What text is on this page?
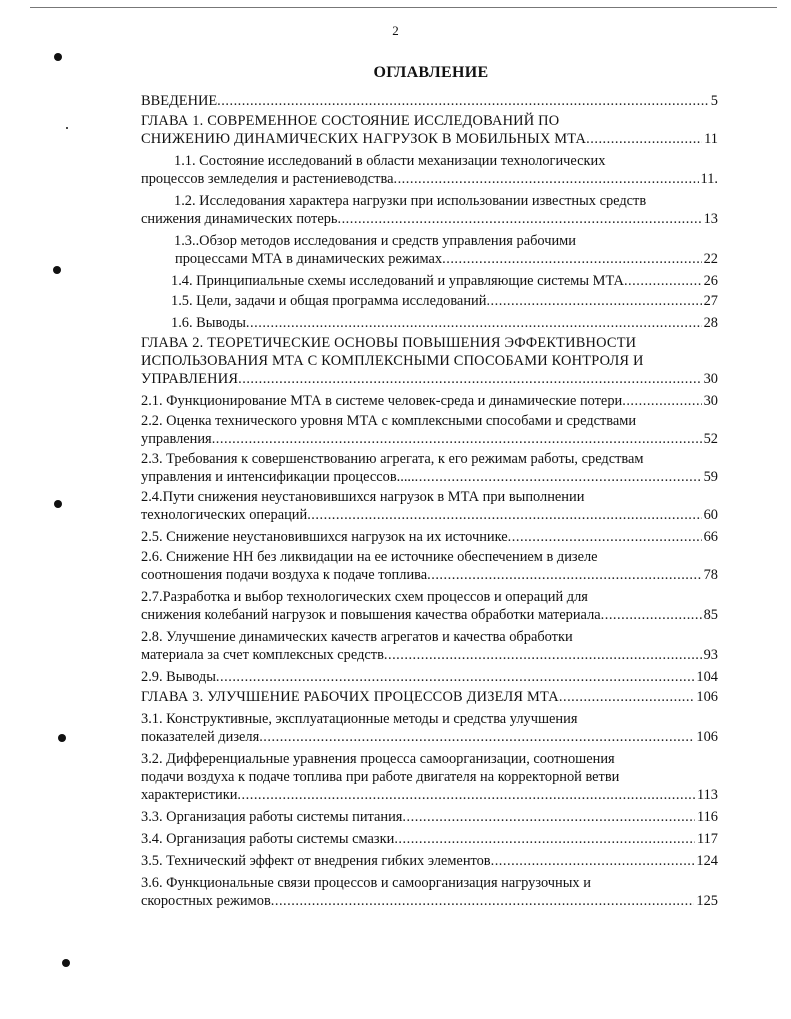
2
ОГЛАВЛЕНИЕ
ВВЕДЕНИЕ .....	5
ГЛАВА 1. СОВРЕМЕННОЕ СОСТОЯНИЕ ИССЛЕДОВАНИЙ ПО
СНИЖЕНИЮ ДИНАМИЧЕСКИХ НАГРУЗОК В МОБИЛЬНЫХ МТА .....	11
1.1. Состояние исследований в области механизации технологических
процессов земледелия и растениеводства .....	11.
1.2. Исследования характера нагрузки при использовании известных средств
снижения динамических потерь .....	13
1.3..Обзор методов исследования и средств управления рабочими
процессами МТА в динамических режимах .....	22
1.4. Принципиальные схемы исследований и управляющие системы МТА .....	26
1.5. Цели, задачи и общая программа исследований .....	27
1.6. Выводы .....	28
ГЛАВА 2. ТЕОРЕТИЧЕСКИЕ ОСНОВЫ ПОВЫШЕНИЯ ЭФФЕКТИВНОСТИ
ИСПОЛЬЗОВАНИЯ МТА С КОМПЛЕКСНЫМИ СПОСОБАМИ КОНТРОЛЯ И
УПРАВЛЕНИЯ .....	30
2.1. Функционирование МТА в системе человек-среда и динамические потери .....	30
2.2. Оценка технического уровня МТА с комплексными способами и средствами
управления .....	52
2.3. Требования к совершенствованию агрегата, к его режимам работы, средствам
управления и интенсификации процессов..... .....	59
2.4.Пути снижения неустановившихся нагрузок в МТА при выполнении
технологических операций .....	60
2.5. Снижение неустановившихся нагрузок на их источнике .....	66
2.6. Снижение НН без ликвидации на ее источнике обеспечением в дизеле
соотношения подачи воздуха к подаче топлива .....	78
2.7.Разработка и выбор технологических схем процессов и операций для
снижения колебаний нагрузок и повышения качества обработки материала .....	85
2.8. Улучшение динамических качеств агрегатов и качества обработки
материала за счет комплексных средств .....	93
2.9. Выводы .....	104
ГЛАВА 3. УЛУЧШЕНИЕ РАБОЧИХ ПРОЦЕССОВ ДИЗЕЛЯ МТА .....	106
3.1. Конструктивные, эксплуатационные методы и средства улучшения
показателей дизеля .....	106
3.2. Дифференциальные уравнения процесса самоорганизации, соотношения
подачи воздуха к подаче топлива при работе двигателя на корректорной ветви
характеристики .....	113
3.3. Организация работы системы питания .....	116
3.4. Организация работы системы смазки .....	117
3.5. Технический эффект от внедрения гибких элементов .....	124
3.6. Функциональные связи процессов и самоорганизация нагрузочных и
скоростных режимов .....	125
